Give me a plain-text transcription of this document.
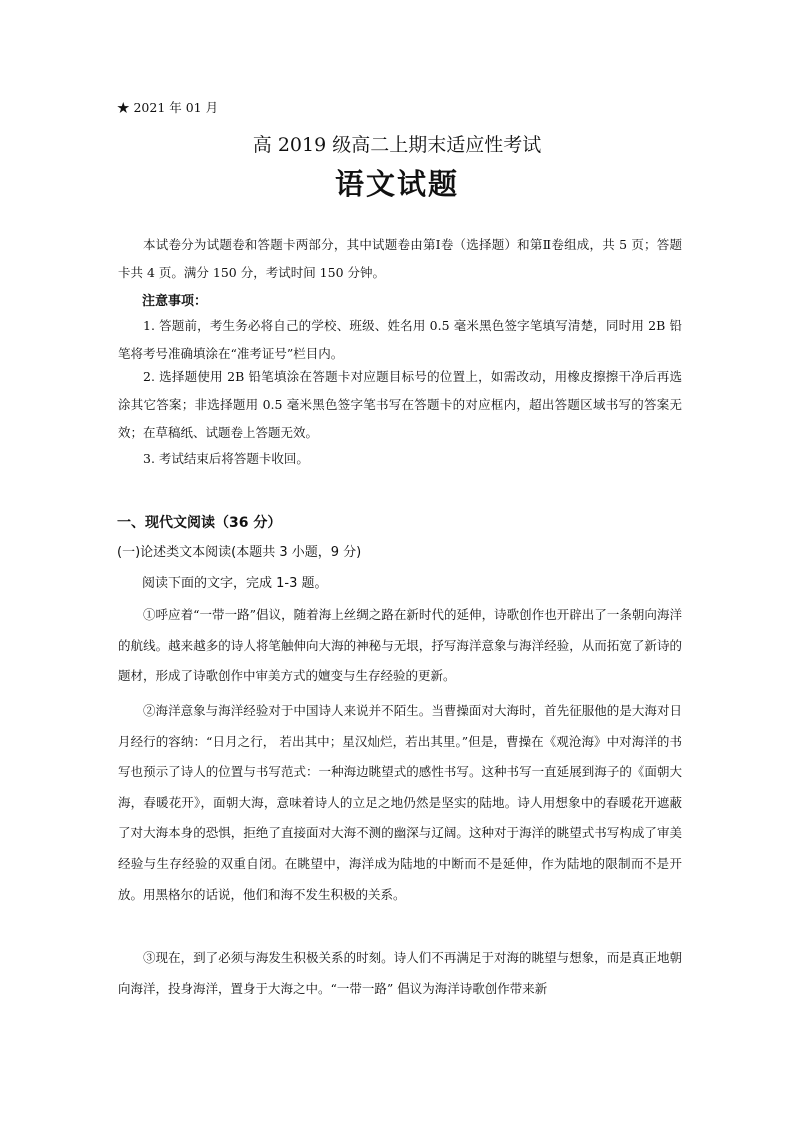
★ 2021 年 01 月
高 2019 级高二上期末适应性考试
语文试题
本试卷分为试题卷和答题卡两部分，其中试题卷由第Ⅰ卷（选择题）和第Ⅱ卷组成，共 5 页；答题卡共 4 页。满分 150 分，考试时间 150 分钟。
注意事项：
1. 答题前，考生务必将自己的学校、班级、姓名用 0.5 毫米黑色签字笔填写清楚，同时用 2B 铅笔将考号准确填涂在“准考证号”栏目内。
2. 选择题使用 2B 铅笔填涂在答题卡对应题目标号的位置上，如需改动，用橡皮擦擦干净后再选涂其它答案；非选择题用 0.5 毫米黑色签字笔书写在答题卡的对应框内，超出答题区域书写的答案无效；在草稿纸、试题卷上答题无效。
3. 考试结束后将答题卡收回。
一、现代文阅读（36 分）
(一)论述类文本阅读(本题共 3 小题，9 分)
阅读下面的文字，完成 1-3 题。
①呼应着“一带一路”倡议，随着海上丝绸之路在新时代的延伸，诗歌创作也开辟出了一条朝向海洋的航线。越来越多的诗人将笔触伸向大海的神秘与无垠，抒写海洋意象与海洋经验，从而拓宽了新诗的题材，形成了诗歌创作中审美方式的嬗变与生存经验的更新。
②海洋意象与海洋经验对于中国诗人来说并不陌生。当曹操面对大海时，首先征服他的是大海对日月经行的容纳：“日月之行， 若出其中；星汉灿烂，若出其里。”但是，曹操在《观沧海》中对海洋的书写也预示了诗人的位置与书写范式：一种海边眺望式的感性书写。这种书写一直延展到海子的《面朝大海，春暖花开》，面朝大海，意味着诗人的立足之地仍然是坚实的陆地。诗人用想象中的春暖花开遮蔽了对大海本身的恐惧，拒绝了直接面对大海不测的幽深与辽阔。这种对于海洋的眺望式书写构成了审美经验与生存经验的双重自闭。在眺望中，海洋成为陆地的中断而不是延伸，作为陆地的限制而不是开放。用黑格尔的话说，他们和海不发生积极的关系。
③现在，到了必须与海发生积极关系的时刻。诗人们不再满足于对海的眺望与想象，而是真正地朝向海洋，投身海洋，置身于大海之中。“一带一路” 倡议为海洋诗歌创作带来新
